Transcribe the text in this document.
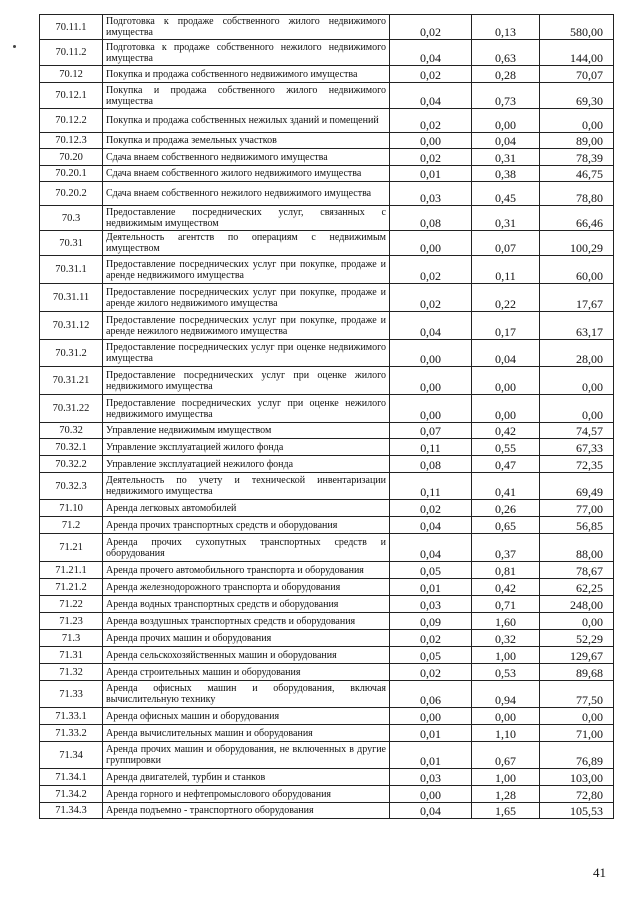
70.11.1	Подготовка к продаже собственного жилого недвижимого имущества	0,02	0,13	580,00
70.11.2	Подготовка к продаже собственного нежилого недвижимого имущества	0,04	0,63	144,00
70.12	Покупка и продажа собственного недвижимого имущества	0,02	0,28	70,07
70.12.1	Покупка и продажа собственного жилого недвижимого имущества	0,04	0,73	69,30
70.12.2	Покупка и продажа собственных нежилых зданий и помещений	0,02	0,00	0,00
70.12.3	Покупка и продажа земельных участков	0,00	0,04	89,00
70.20	Сдача внаем собственного недвижимого имущества	0,02	0,31	78,39
70.20.1	Сдача внаем собственного жилого недвижимого имущества	0,01	0,38	46,75
70.20.2	Сдача внаем собственного нежилого недвижимого имущества	0,03	0,45	78,80
70.3	Предоставление посреднических услуг, связанных с недвижимым имуществом	0,08	0,31	66,46
70.31	Деятельность агентств по операциям с недвижимым имуществом	0,00	0,07	100,29
70.31.1	Предоставление посреднических услуг при покупке, продаже и аренде недвижимого имущества	0,02	0,11	60,00
70.31.11	Предоставление посреднических услуг при покупке, продаже и аренде жилого недвижимого имущества	0,02	0,22	17,67
70.31.12	Предоставление посреднических услуг при покупке, продаже и аренде нежилого недвижимого имущества	0,04	0,17	63,17
70.31.2	Предоставление посреднических услуг при оценке недвижимого имущества	0,00	0,04	28,00
70.31.21	Предоставление посреднических услуг при оценке жилого недвижимого имущества	0,00	0,00	0,00
70.31.22	Предоставление посреднических услуг при оценке нежилого недвижимого имущества	0,00	0,00	0,00
70.32	Управление недвижимым имуществом	0,07	0,42	74,57
70.32.1	Управление эксплуатацией жилого фонда	0,11	0,55	67,33
70.32.2	Управление эксплуатацией нежилого фонда	0,08	0,47	72,35
70.32.3	Деятельность по учету и технической инвентаризации недвижимого имущества	0,11	0,41	69,49
71.10	Аренда легковых автомобилей	0,02	0,26	77,00
71.2	Аренда прочих транспортных средств и оборудования	0,04	0,65	56,85
71.21	Аренда прочих сухопутных транспортных средств и оборудования	0,04	0,37	88,00
71.21.1	Аренда прочего автомобильного транспорта и оборудования	0,05	0,81	78,67
71.21.2	Аренда железнодорожного транспорта и оборудования	0,01	0,42	62,25
71.22	Аренда водных транспортных средств и оборудования	0,03	0,71	248,00
71.23	Аренда воздушных транспортных средств и оборудования	0,09	1,60	0,00
71.3	Аренда прочих машин и оборудования	0,02	0,32	52,29
71.31	Аренда сельскохозяйственных машин и оборудования	0,05	1,00	129,67
71.32	Аренда строительных машин и оборудования	0,02	0,53	89,68
71.33	Аренда офисных машин и оборудования, включая вычислительную технику	0,06	0,94	77,50
71.33.1	Аренда офисных машин и оборудования	0,00	0,00	0,00
71.33.2	Аренда вычислительных машин и оборудования	0,01	1,10	71,00
71.34	Аренда прочих машин и оборудования, не включенных в другие группировки	0,01	0,67	76,89
71.34.1	Аренда двигателей, турбин и станков	0,03	1,00	103,00
71.34.2	Аренда горного и нефтепромыслового оборудования	0,00	1,28	72,80
71.34.3	Аренда подъемно - транспортного оборудования	0,04	1,65	105,53
41
